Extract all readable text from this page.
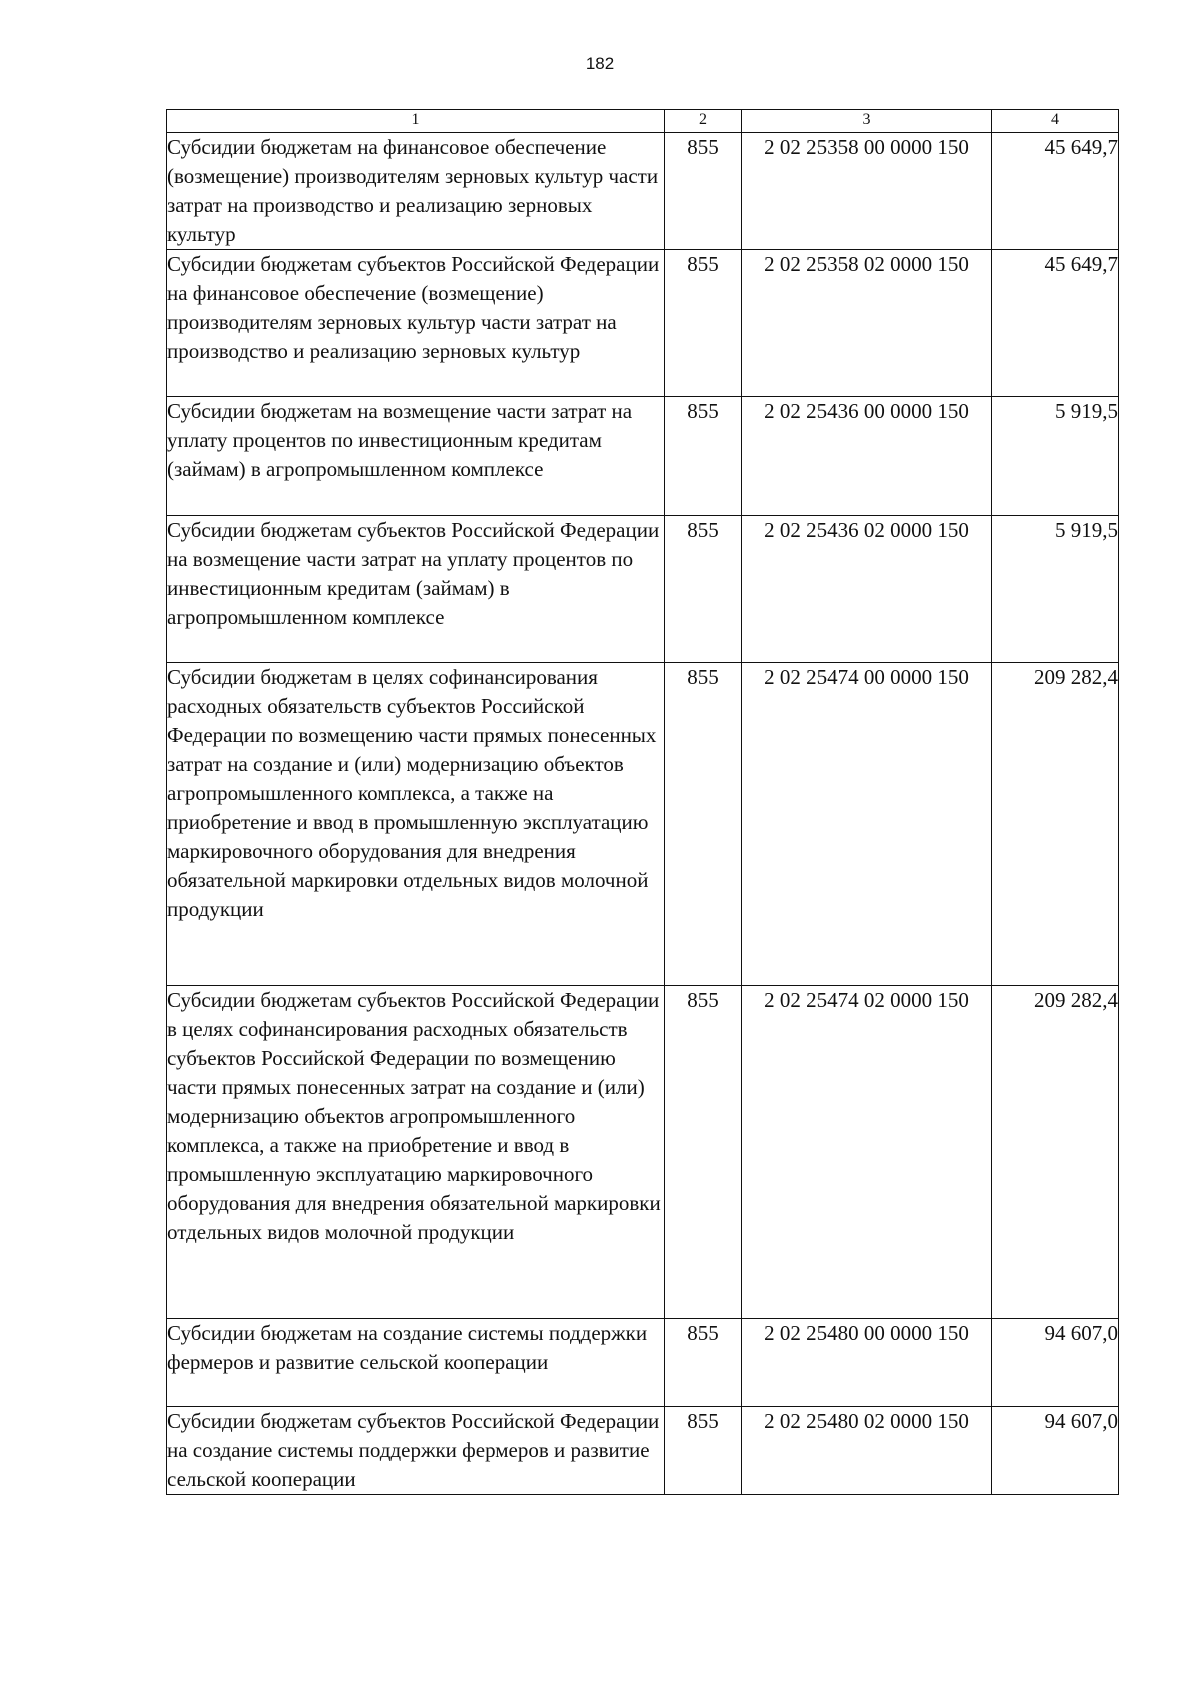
182
1	2	3	4
Субсидии бюджетам на финансовое обеспечение (возмещение) производителям зерновых культур части затрат на производство и реализацию зерновых культур	855	2 02 25358 00 0000 150	45 649,7
Субсидии бюджетам субъектов Российской Федерации на финансовое обеспечение (возмещение) производителям зерновых культур части затрат на производство и реализацию зерновых культур	855	2 02 25358 02 0000 150	45 649,7
Субсидии бюджетам на возмещение части затрат на уплату процентов по инвестиционным кредитам (займам) в агропромышленном комплексе	855	2 02 25436 00 0000 150	5 919,5
Субсидии бюджетам субъектов Российской Федерации на возмещение части затрат на уплату процентов по инвестиционным кредитам (займам) в агропромышленном комплексе	855	2 02 25436 02 0000 150	5 919,5
Субсидии бюджетам в целях софинансирования расходных обязательств субъектов Российской Федерации по возмещению части прямых понесенных затрат на создание и (или) модернизацию объектов агропромышленного комплекса, а также на приобретение и ввод в промышленную эксплуатацию маркировочного оборудования для внедрения обязательной маркировки отдельных видов молочной продукции	855	2 02 25474 00 0000 150	209 282,4
Субсидии бюджетам субъектов Российской Федерации в целях софинансирования расходных обязательств субъектов Российской Федерации по возмещению части прямых понесенных затрат на создание и (или) модернизацию объектов агропромышленного комплекса, а также на приобретение и ввод в промышленную эксплуатацию маркировочного оборудования для внедрения обязательной маркировки отдельных видов молочной продукции	855	2 02 25474 02 0000 150	209 282,4
Субсидии бюджетам на создание системы поддержки фермеров и развитие сельской кооперации	855	2 02 25480 00 0000 150	94 607,0
Субсидии бюджетам субъектов Российской Федерации на создание системы поддержки фермеров и развитие сельской кооперации	855	2 02 25480 02 0000 150	94 607,0
